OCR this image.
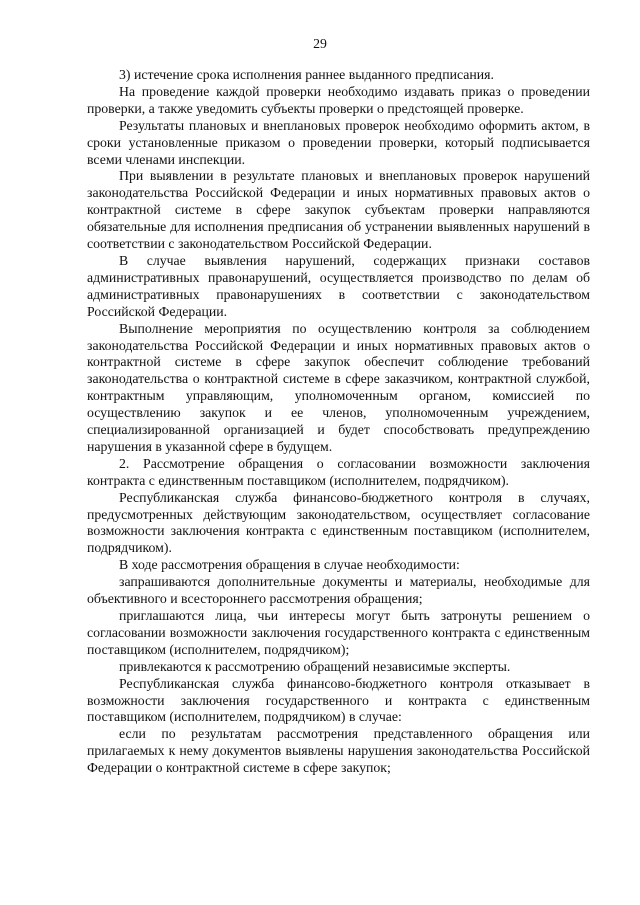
29

3) истечение срока исполнения раннее выданного предписания.

На проведение каждой проверки необходимо издавать приказ о проведении проверки, а также уведомить субъекты проверки о предстоящей проверке.

Результаты плановых и внеплановых проверок необходимо оформить актом, в сроки установленные приказом о проведении проверки, который подписывается всеми членами инспекции.

При выявлении в результате плановых и внеплановых проверок нарушений законодательства Российской Федерации и иных нормативных правовых актов о контрактной системе в сфере закупок субъектам проверки направляются обязательные для исполнения предписания об устранении выявленных нарушений в соответствии с законодательством Российской Федерации.

В случае выявления нарушений, содержащих признаки составов административных правонарушений, осуществляется производство по делам об административных правонарушениях в соответствии с законодательством Российской Федерации.

Выполнение мероприятия по осуществлению контроля за соблюдением законодательства Российской Федерации и иных нормативных правовых актов о контрактной системе в сфере закупок обеспечит соблюдение требований законодательства о контрактной системе в сфере заказчиком, контрактной службой, контрактным управляющим, уполномоченным органом, комиссией по осуществлению закупок и ее членов, уполномоченным учреждением, специализированной организацией и будет способствовать предупреждению нарушения в указанной сфере в будущем.

2. Рассмотрение обращения о согласовании возможности заключения контракта с единственным поставщиком (исполнителем, подрядчиком).

Республиканская служба финансово-бюджетного контроля в случаях, предусмотренных действующим законодательством, осуществляет согласование возможности заключения контракта с единственным поставщиком (исполнителем, подрядчиком).

В ходе рассмотрения обращения в случае необходимости:

запрашиваются дополнительные документы и материалы, необходимые для объективного и всестороннего рассмотрения обращения;

приглашаются лица, чьи интересы могут быть затронуты решением о согласовании возможности заключения государственного контракта с единственным поставщиком (исполнителем, подрядчиком);

привлекаются к рассмотрению обращений независимые эксперты.

Республиканская служба финансово-бюджетного контроля отказывает в возможности заключения государственного и контракта с единственным поставщиком (исполнителем, подрядчиком) в случае:

если по результатам рассмотрения представленного обращения или прилагаемых к нему документов выявлены нарушения законодательства Российской Федерации о контрактной системе в сфере закупок;
